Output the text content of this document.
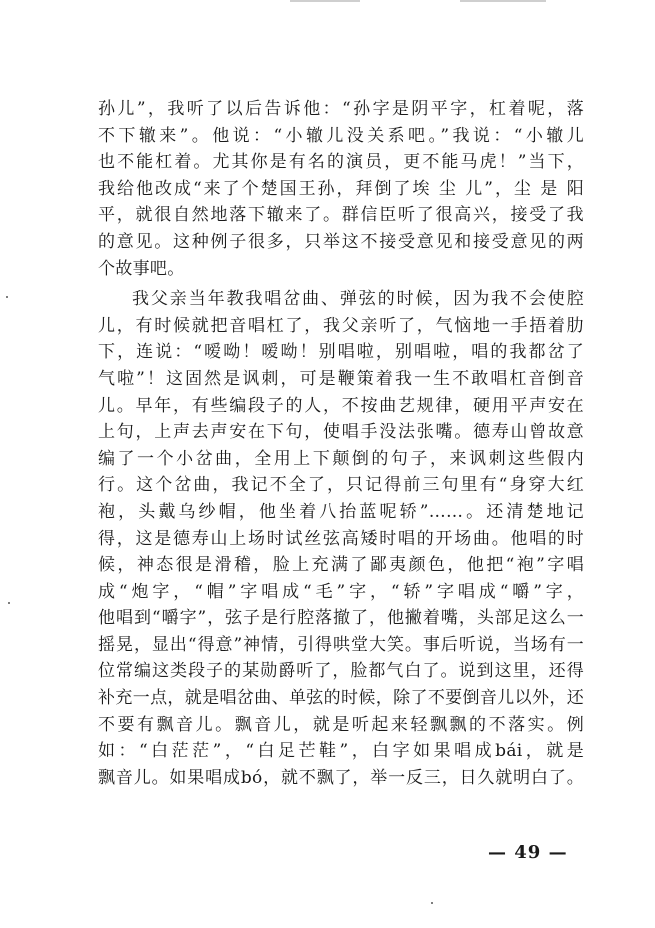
孙儿”，我听了以后告诉他：“孙字是阴平字，杠着呢，落
不下辙来”。他说：“小辙儿没关系吧。”我说：“小辙儿
也不能杠着。尤其你是有名的演员，更不能马虎！”当下，
我给他改成“来了个楚国王孙，拜倒了埃 尘 儿”，尘 是 阳
平，就很自然地落下辙来了。群信臣听了很高兴，接受了我
的意见。这种例子很多，只举这不接受意见和接受意见的两
个故事吧。
我父亲当年教我唱岔曲、弹弦的时候，因为我不会使腔
儿，有时候就把音唱杠了，我父亲听了，气恼地一手捂着肋
下，连说：“嗳呦！嗳呦！别唱啦，别唱啦，唱的我都岔了
气啦”！这固然是讽刺，可是鞭策着我一生不敢唱杠音倒音
儿。早年，有些编段子的人，不按曲艺规律，硬用平声安在
上句，上声去声安在下句，使唱手没法张嘴。德寿山曾故意
编了一个小岔曲，全用上下颠倒的句子，来讽刺这些假内
行。这个岔曲，我记不全了，只记得前三句里有“身穿大红
袍，头戴乌纱帽，他坐着八抬蓝呢轿”……。还清楚地记
得，这是德寿山上场时试丝弦高矮时唱的开场曲。他唱的时
候，神态很是滑稽，脸上充满了鄙夷颜色，他把“袍”字唱
成“炮字，“帽”字唱成“毛”字，“轿”字唱成“嚼”字，
他唱到“嚼字”，弦子是行腔落撤了，他撇着嘴，头部足这么一
摇晃，显出“得意”神情，引得哄堂大笑。事后听说，当场有一
位常编这类段子的某勋爵听了，脸都气白了。说到这里，还得
补充一点，就是唱岔曲、单弦的时候，除了不要倒音儿以外，还
不要有飘音儿。飘音儿，就是听起来轻飘飘的不落实。例
如：“白茫茫”，“白足芒鞋”，白字如果唱成bái，就是
飘音儿。如果唱成bó，就不飘了，举一反三，日久就明白了。
— 49 —
